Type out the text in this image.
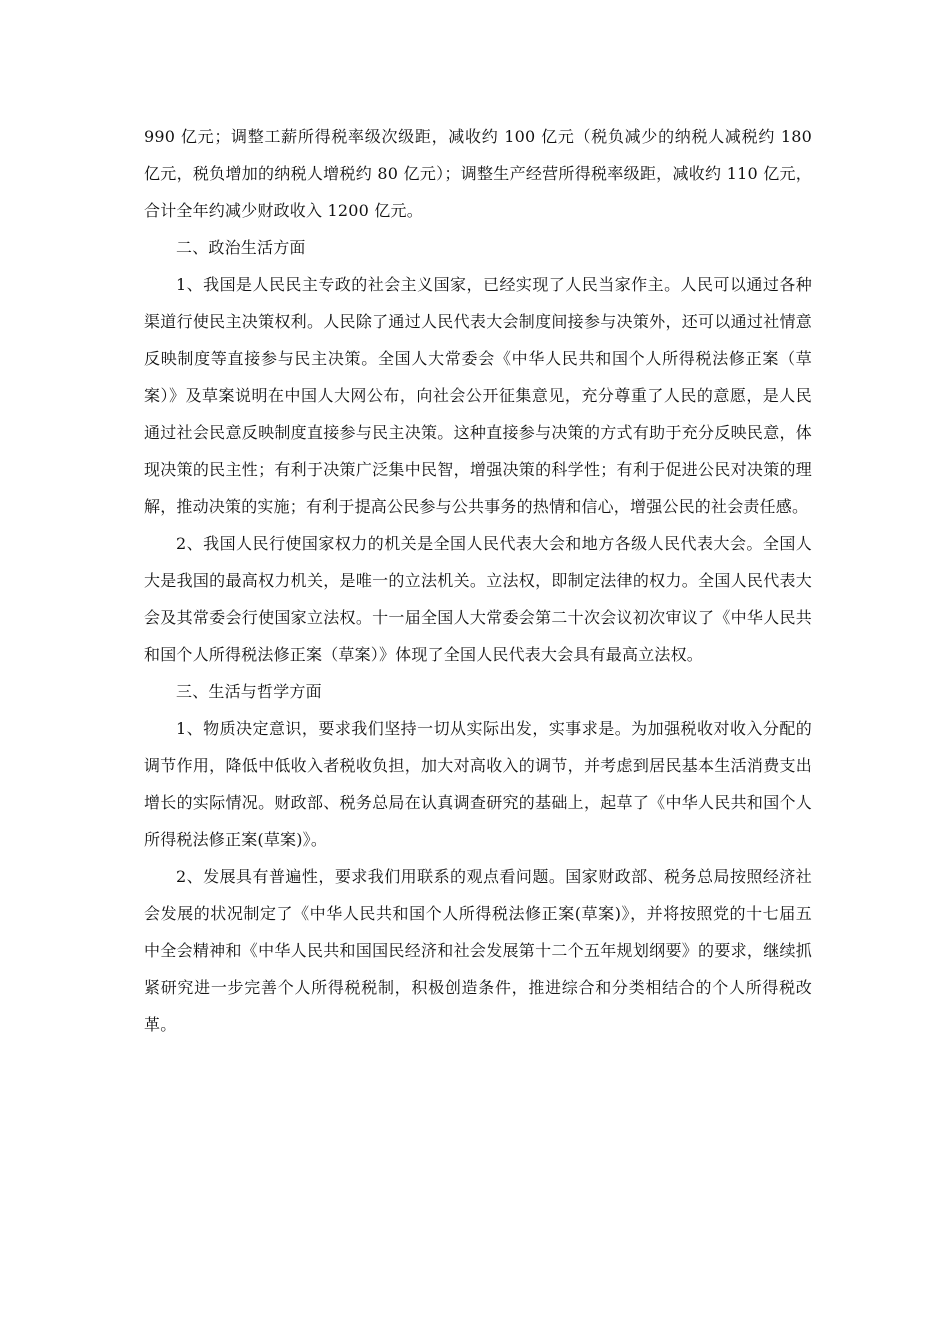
990 亿元；调整工薪所得税率级次级距，减收约 100 亿元（税负减少的纳税人减税约 180 亿元，税负增加的纳税人增税约 80 亿元）；调整生产经营所得税率级距，减收约 110 亿元，合计全年约减少财政收入 1200 亿元。

二、政治生活方面

1、我国是人民民主专政的社会主义国家，已经实现了人民当家作主。人民可以通过各种渠道行使民主决策权利。人民除了通过人民代表大会制度间接参与决策外，还可以通过社情意反映制度等直接参与民主决策。全国人大常委会《中华人民共和国个人所得税法修正案（草案）》及草案说明在中国人大网公布，向社会公开征集意见，充分尊重了人民的意愿，是人民通过社会民意反映制度直接参与民主决策。这种直接参与决策的方式有助于充分反映民意，体现决策的民主性；有利于决策广泛集中民智，增强决策的科学性；有利于促进公民对决策的理解，推动决策的实施；有利于提高公民参与公共事务的热情和信心，增强公民的社会责任感。

2、我国人民行使国家权力的机关是全国人民代表大会和地方各级人民代表大会。全国人大是我国的最高权力机关，是唯一的立法机关。立法权，即制定法律的权力。全国人民代表大会及其常委会行使国家立法权。十一届全国人大常委会第二十次会议初次审议了《中华人民共和国个人所得税法修正案（草案）》体现了全国人民代表大会具有最高立法权。

三、生活与哲学方面

1、物质决定意识，要求我们坚持一切从实际出发，实事求是。为加强税收对收入分配的调节作用，降低中低收入者税收负担，加大对高收入的调节，并考虑到居民基本生活消费支出增长的实际情况。财政部、税务总局在认真调查研究的基础上，起草了《中华人民共和国个人所得税法修正案(草案)》。

2、发展具有普遍性，要求我们用联系的观点看问题。国家财政部、税务总局按照经济社会发展的状况制定了《中华人民共和国个人所得税法修正案(草案)》，并将按照党的十七届五中全会精神和《中华人民共和国国民经济和社会发展第十二个五年规划纲要》的要求，继续抓紧研究进一步完善个人所得税税制，积极创造条件，推进综合和分类相结合的个人所得税改革。
